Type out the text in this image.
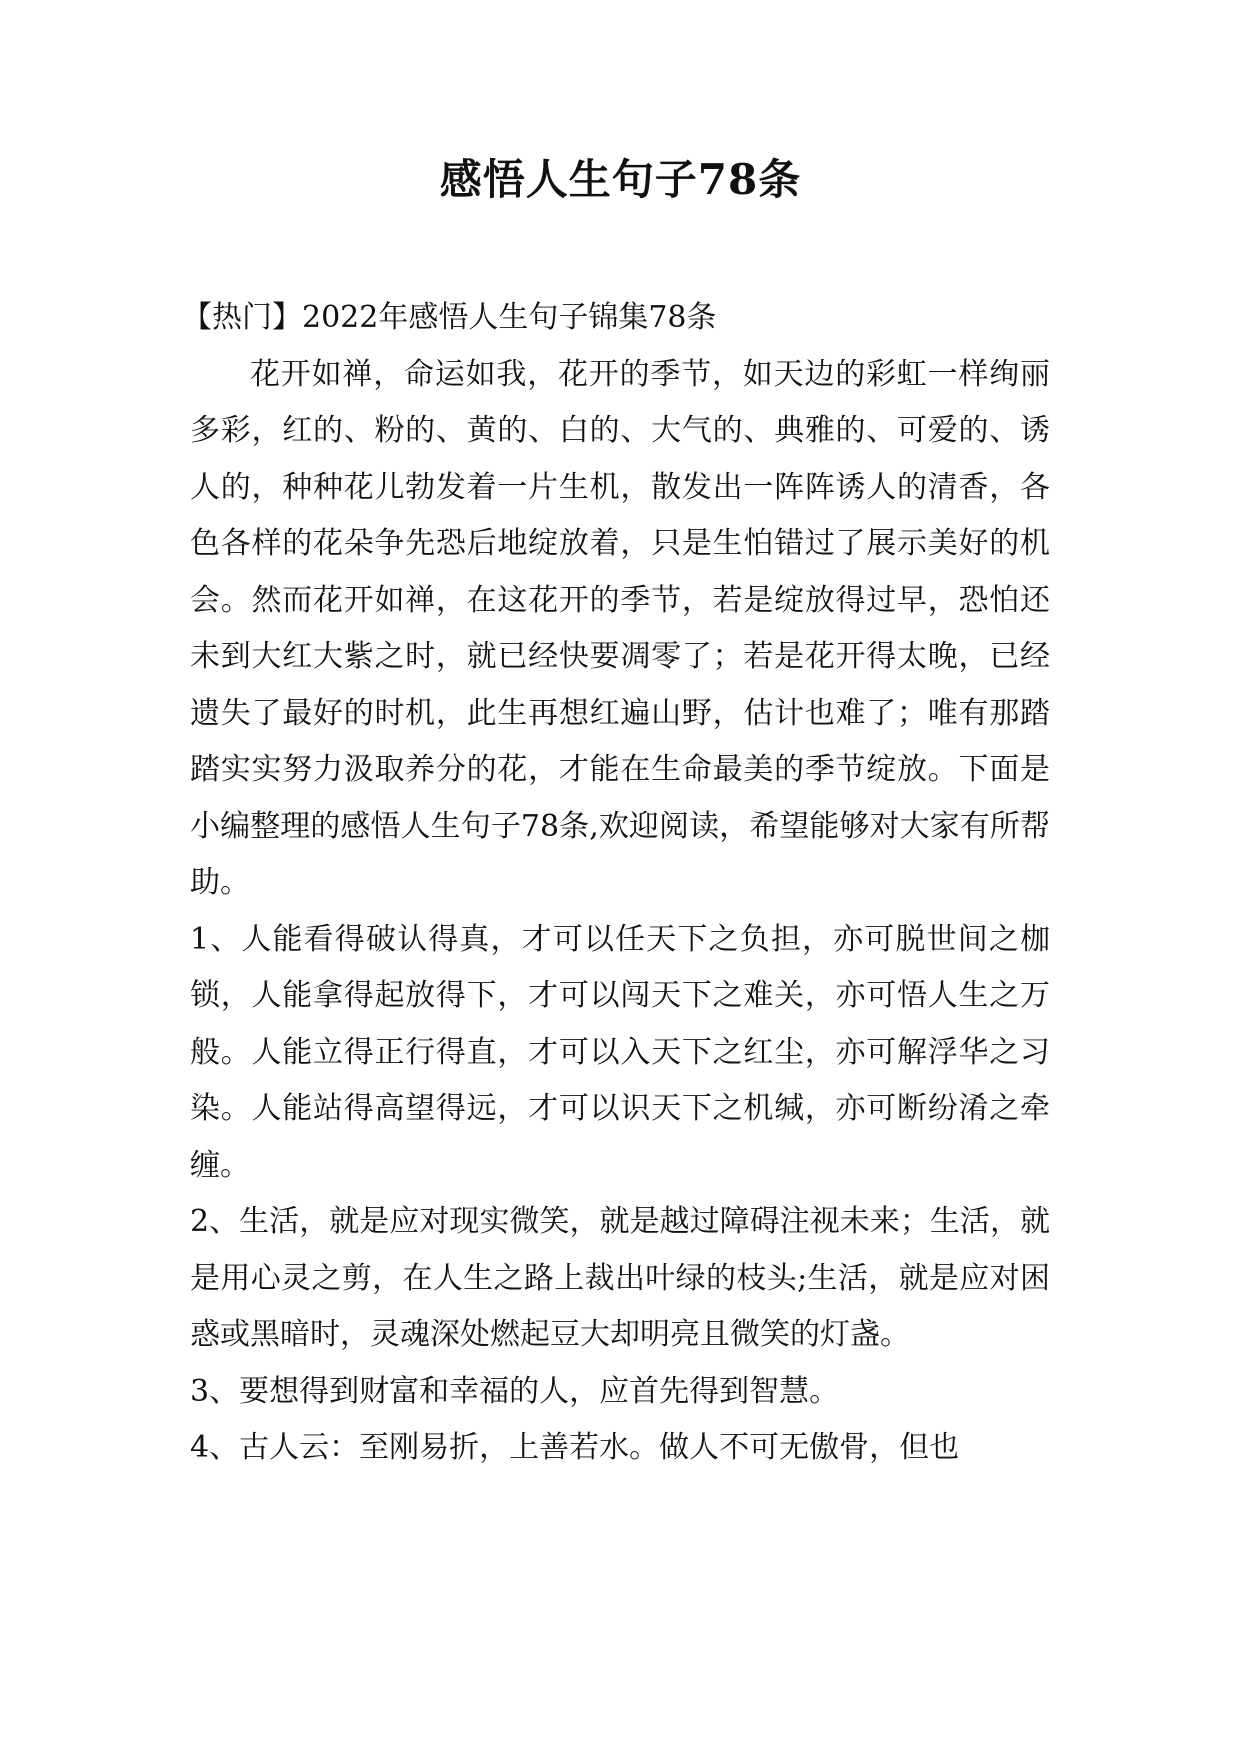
感悟人生句子78条

【热门】2022年感悟人生句子锦集78条

花开如禅，命运如我，花开的季节，如天边的彩虹一样绚丽多彩，红的、粉的、黄的、白的、大气的、典雅的、可爱的、诱人的，种种花儿勃发着一片生机，散发出一阵阵诱人的清香，各色各样的花朵争先恐后地绽放着，只是生怕错过了展示美好的机会。然而花开如禅，在这花开的季节，若是绽放得过早，恐怕还未到大红大紫之时，就已经快要凋零了；若是花开得太晚，已经遗失了最好的时机，此生再想红遍山野，估计也难了；唯有那踏踏实实努力汲取养分的花，才能在生命最美的季节绽放。下面是小编整理的感悟人生句子78条,欢迎阅读，希望能够对大家有所帮助。

1、人能看得破认得真，才可以任天下之负担，亦可脱世间之枷锁，人能拿得起放得下，才可以闯天下之难关，亦可悟人生之万般。人能立得正行得直，才可以入天下之红尘，亦可解浮华之习染。人能站得高望得远，才可以识天下之机缄，亦可断纷淆之牵缠。

2、生活，就是应对现实微笑，就是越过障碍注视未来；生活，就是用心灵之剪，在人生之路上裁出叶绿的枝头;生活，就是应对困惑或黑暗时，灵魂深处燃起豆大却明亮且微笑的灯盏。

3、要想得到财富和幸福的人，应首先得到智慧。

4、古人云：至刚易折，上善若水。做人不可无傲骨，但也
